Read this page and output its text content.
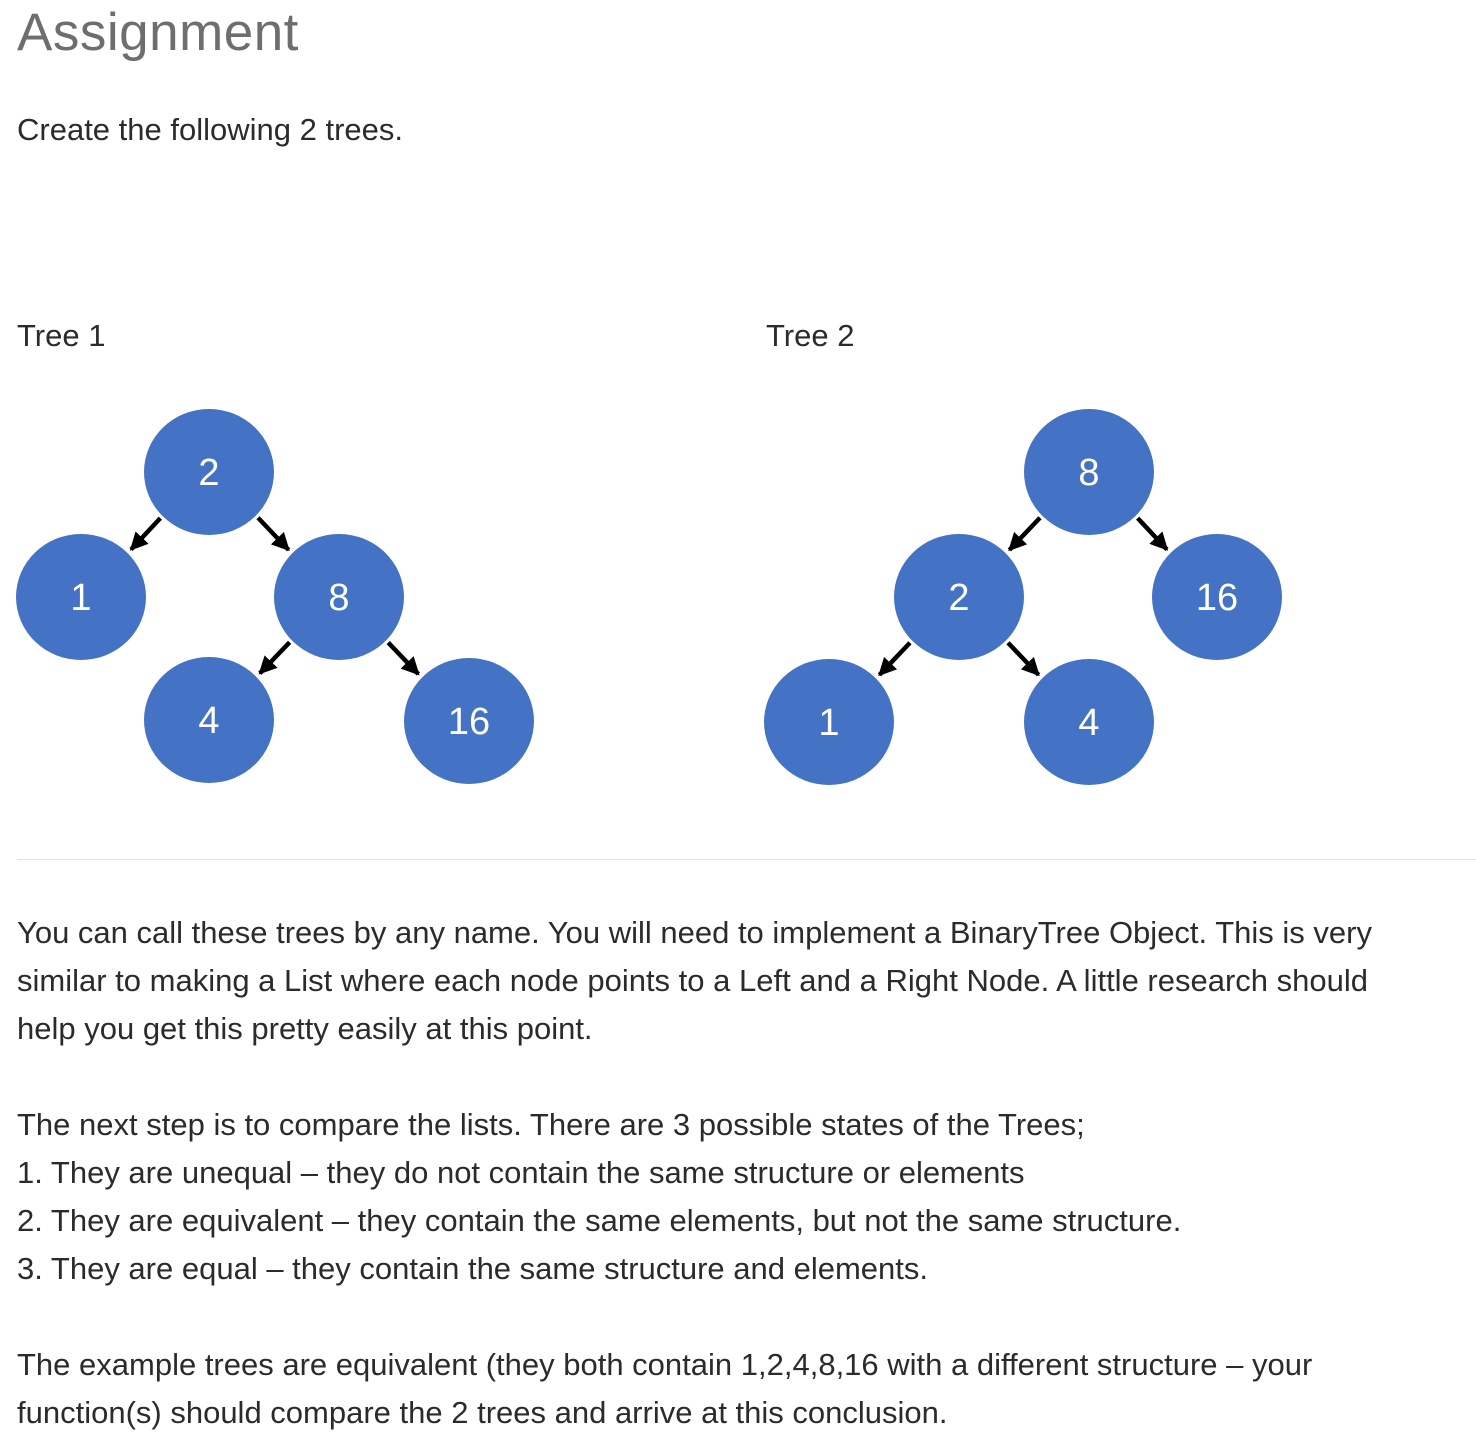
Assignment
Create the following 2 trees.
Tree 1	Tree 2
2
1	8
4	16
8
2	16
1	4
You can call these trees by any name. You will need to implement a BinaryTree Object. This is very
similar to making a List where each node points to a Left and a Right Node. A little research should
help you get this pretty easily at this point.
The next step is to compare the lists. There are 3 possible states of the Trees;
1. They are unequal – they do not contain the same structure or elements
2. They are equivalent – they contain the same elements, but not the same structure.
3. They are equal – they contain the same structure and elements.
The example trees are equivalent (they both contain 1,2,4,8,16 with a different structure – your
function(s) should compare the 2 trees and arrive at this conclusion.
